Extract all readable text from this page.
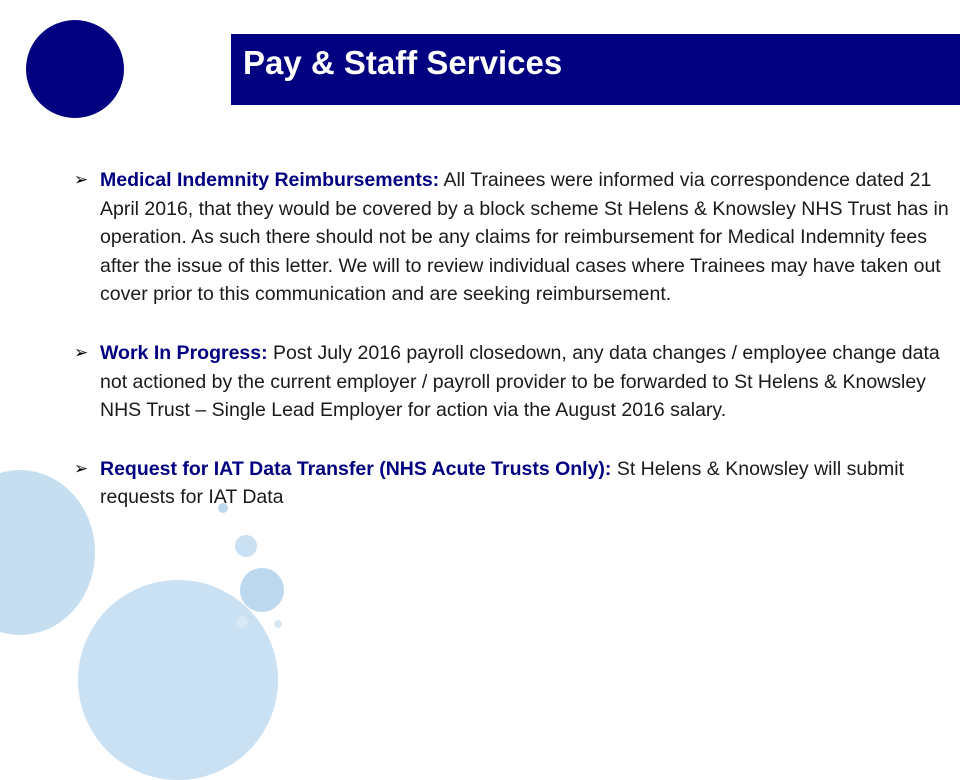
Pay & Staff Services
➢ Medical Indemnity Reimbursements: All Trainees were informed via correspondence dated 21 April 2016, that they would be covered by a block scheme St Helens & Knowsley NHS Trust has in operation. As such there should not be any claims for reimbursement for Medical Indemnity fees after the issue of this letter. We will to review individual cases where Trainees may have taken out cover prior to this communication and are seeking reimbursement.
➢ Work In Progress: Post July 2016 payroll closedown, any data changes / employee change data not actioned by the current employer / payroll provider to be forwarded to St Helens & Knowsley NHS Trust – Single Lead Employer for action via the August 2016 salary.
➢ Request for IAT Data Transfer (NHS Acute Trusts Only): St Helens & Knowsley will submit requests for IAT Data
